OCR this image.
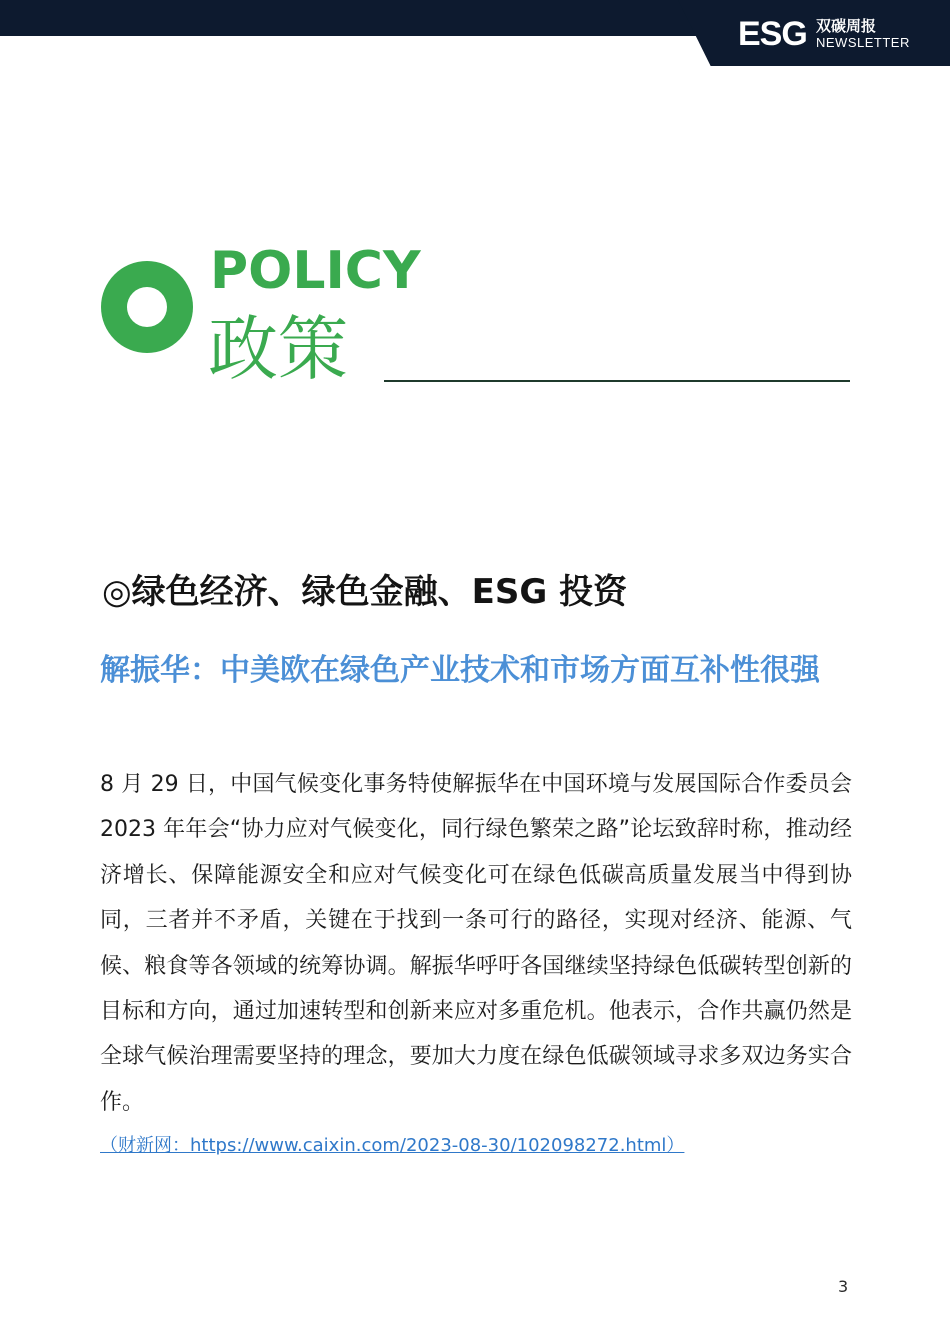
ESG 双碳周报
NEWSLETTER
POLICY
政策
◎绿色经济、绿色金融、ESG 投资
解振华：中美欧在绿色产业技术和市场方面互补性很强
8 月 29 日，中国气候变化事务特使解振华在中国环境与发展国际合作委员会 2023 年年会“协力应对气候变化，同行绿色繁荣之路”论坛致辞时称，推动经济增长、保障能源安全和应对气候变化可在绿色低碳高质量发展当中得到协同，三者并不矛盾，关键在于找到一条可行的路径，实现对经济、能源、气候、粮食等各领域的统筹协调。解振华呼吁各国继续坚持绿色低碳转型创新的目标和方向，通过加速转型和创新来应对多重危机。他表示，合作共赢仍然是全球气候治理需要坚持的理念，要加大力度在绿色低碳领域寻求多双边务实合作。
（财新网：https://www.caixin.com/2023-08-30/102098272.html）
3
